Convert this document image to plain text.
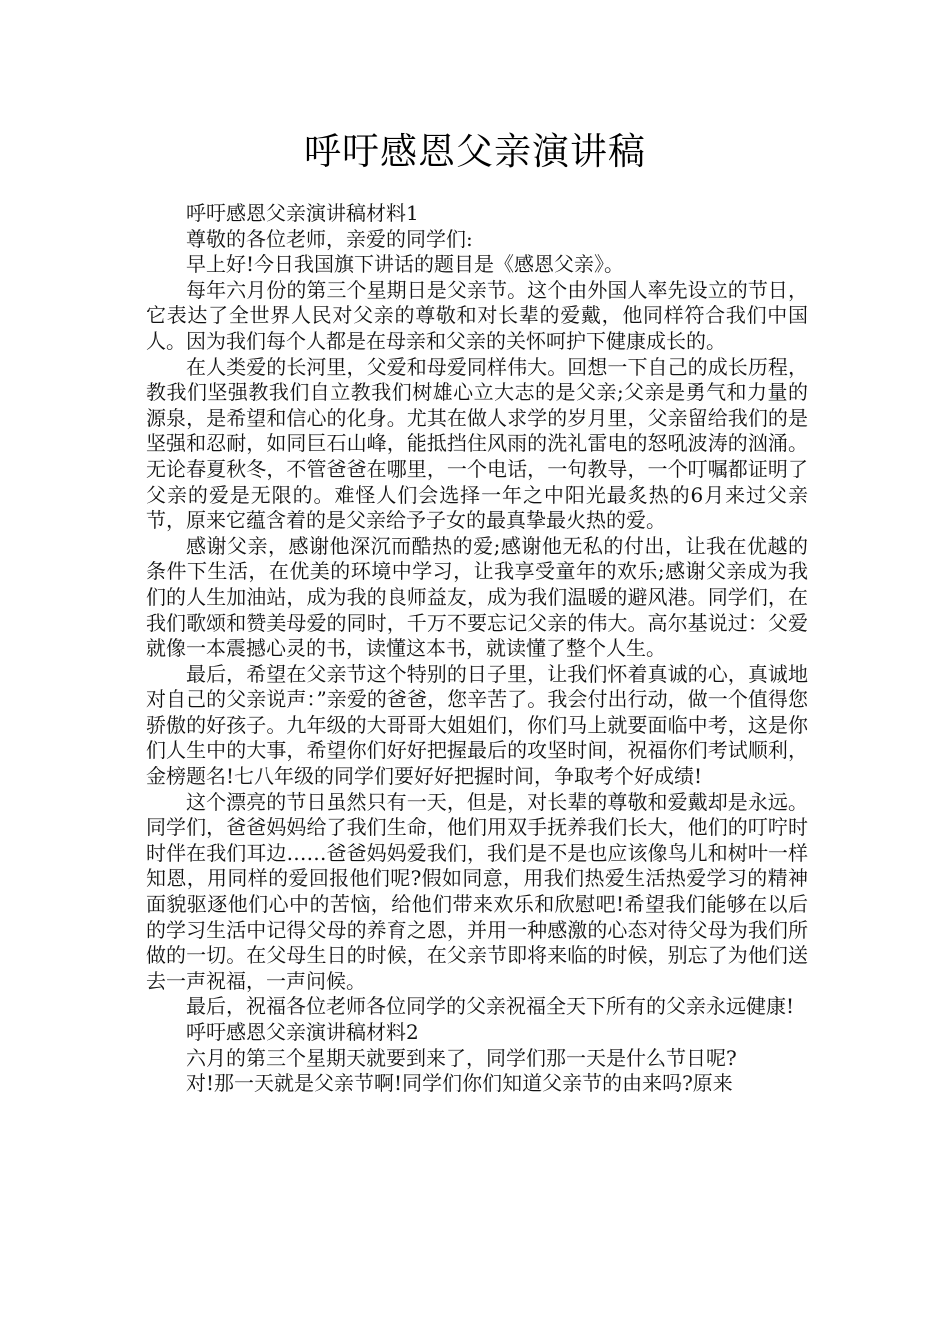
呼吁感恩父亲演讲稿

呼吁感恩父亲演讲稿材料1

尊敬的各位老师，亲爱的同学们:

早上好!今日我国旗下讲话的题目是《感恩父亲》。

每年六月份的第三个星期日是父亲节。这个由外国人率先设立的节日，它表达了全世界人民对父亲的尊敬和对长辈的爱戴，他同样符合我们中国人。因为我们每个人都是在母亲和父亲的关怀呵护下健康成长的。

在人类爱的长河里，父爱和母爱同样伟大。回想一下自己的成长历程，教我们坚强教我们自立教我们树雄心立大志的是父亲;父亲是勇气和力量的源泉，是希望和信心的化身。尤其在做人求学的岁月里，父亲留给我们的是坚强和忍耐，如同巨石山峰，能抵挡住风雨的洗礼雷电的怒吼波涛的汹涌。无论春夏秋冬，不管爸爸在哪里，一个电话，一句教导，一个叮嘱都证明了父亲的爱是无限的。难怪人们会选择一年之中阳光最炙热的6月来过父亲节，原来它蕴含着的是父亲给予子女的最真挚最火热的爱。

感谢父亲，感谢他深沉而酷热的爱;感谢他无私的付出，让我在优越的条件下生活，在优美的环境中学习，让我享受童年的欢乐;感谢父亲成为我们的人生加油站，成为我的良师益友，成为我们温暖的避风港。同学们，在我们歌颂和赞美母爱的同时，千万不要忘记父亲的伟大。高尔基说过：父爱就像一本震撼心灵的书，读懂这本书，就读懂了整个人生。

最后，希望在父亲节这个特别的日子里，让我们怀着真诚的心，真诚地对自己的父亲说声：”亲爱的爸爸，您辛苦了。我会付出行动，做一个值得您骄傲的好孩子。九年级的大哥哥大姐姐们，你们马上就要面临中考，这是你们人生中的大事，希望你们好好把握最后的攻坚时间，祝福你们考试顺利，金榜题名!七八年级的同学们要好好把握时间，争取考个好成绩!

这个漂亮的节日虽然只有一天，但是，对长辈的尊敬和爱戴却是永远。同学们，爸爸妈妈给了我们生命，他们用双手抚养我们长大，他们的叮咛时时伴在我们耳边……爸爸妈妈爱我们，我们是不是也应该像鸟儿和树叶一样知恩，用同样的爱回报他们呢?假如同意，用我们热爱生活热爱学习的精神面貌驱逐他们心中的苦恼，给他们带来欢乐和欣慰吧!希望我们能够在以后的学习生活中记得父母的养育之恩，并用一种感激的心态对待父母为我们所做的一切。在父母生日的时候，在父亲节即将来临的时候，别忘了为他们送去一声祝福，一声问候。

最后，祝福各位老师各位同学的父亲祝福全天下所有的父亲永远健康!

呼吁感恩父亲演讲稿材料2

六月的第三个星期天就要到来了，同学们那一天是什么节日呢?

对!那一天就是父亲节啊!同学们你们知道父亲节的由来吗?原来
